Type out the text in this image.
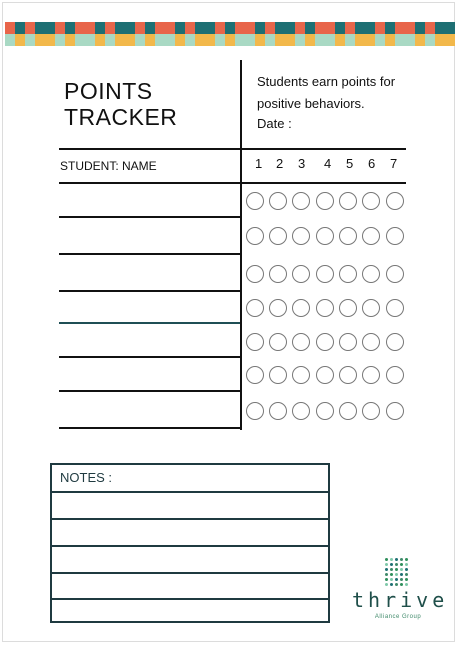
POINTS
TRACKER
Students earn points for positive behaviors.
Date :
STUDENT: NAME	1 2 3 4 5 6 7
NOTES :
thrive
Alliance Group
